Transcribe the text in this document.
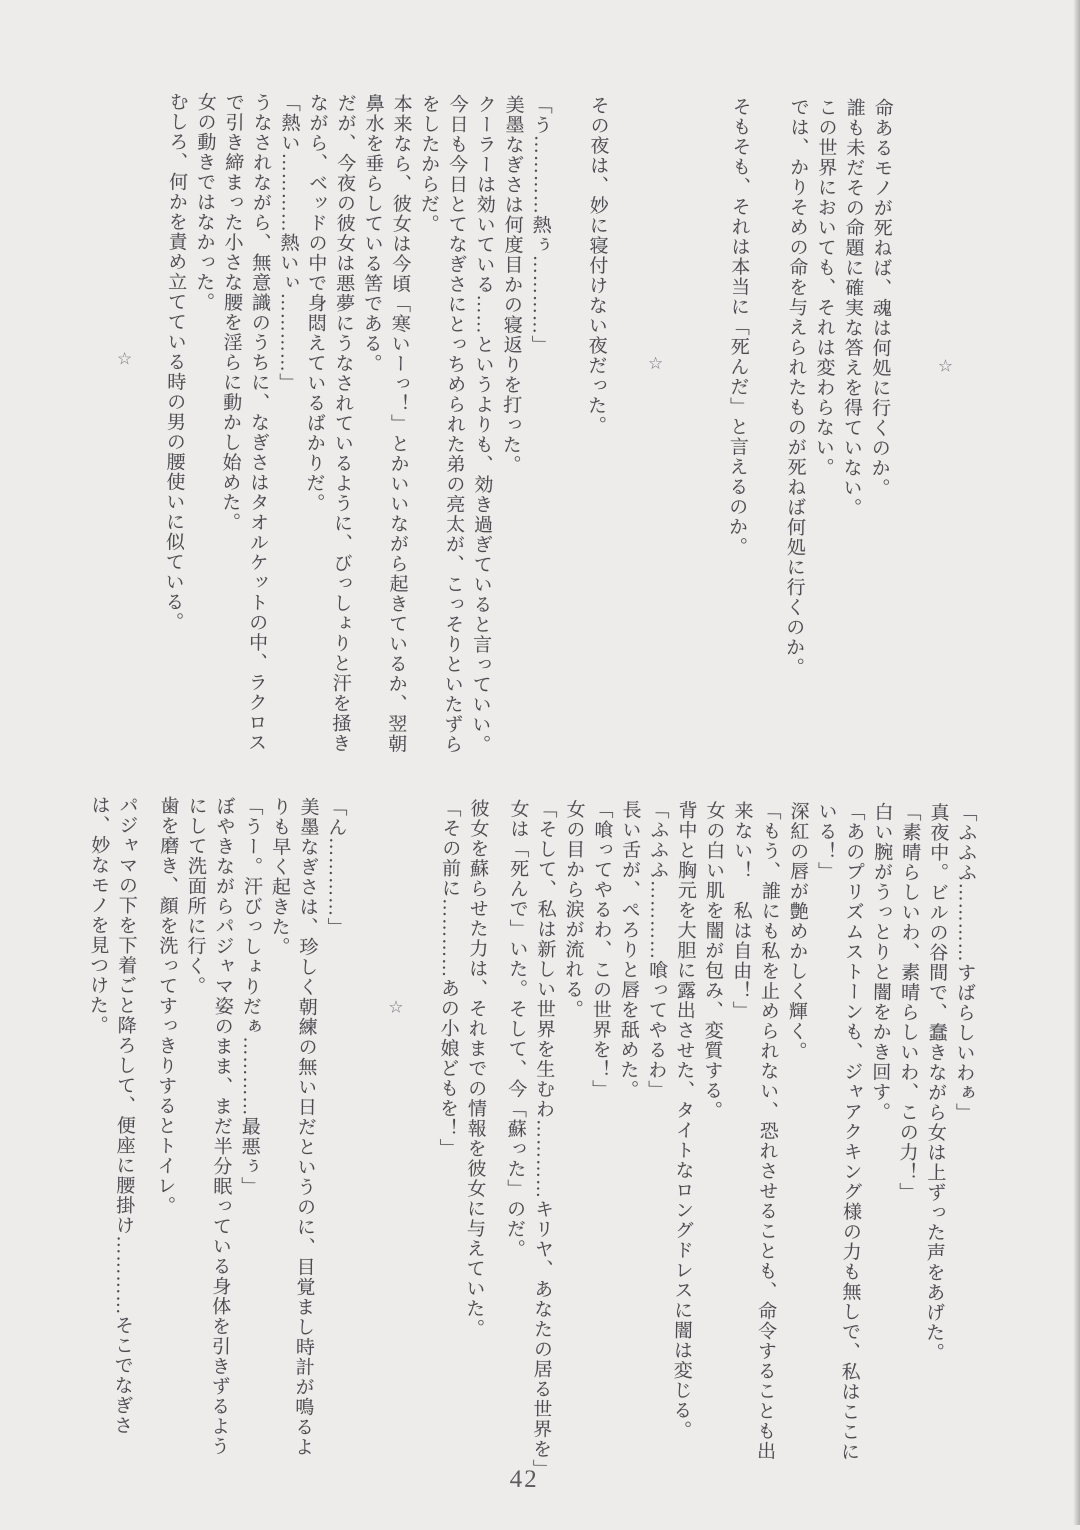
☆

命あるモノが死ねば、魂は何処に行くのか。

誰も未だその命題に確実な答えを得ていない。

この世界においても、それは変わらない。

では、かりそめの命を与えられたものが死ねば何処に行くのか。

そもそも、それは本当に「死んだ」と言えるのか。

☆

その夜は、妙に寝付けない夜だった。

「う…………熱ぅ…………」

美墨なぎさは何度目かの寝返りを打った。

クーラーは効いている……というよりも、効き過ぎていると言っていい。

今日も今日とてなぎさにとっちめられた弟の亮太が、こっそりといたずらをしたからだ。

本来なら、彼女は今頃「寒いーっ！」とかいいながら起きているか、翌朝鼻水を垂らしている筈である。

だが、今夜の彼女は悪夢にうなされているように、びっしょりと汗を掻きながら、ベッドの中で身悶えているばかりだ。

「熱い…………熱いぃ…………」

うなされながら、無意識のうちに、なぎさはタオルケットの中、ラクロスで引き締まった小さな腰を淫らに動かし始めた。

女の動きではなかった。

むしろ、何かを責め立てている時の男の腰使いに似ている。

☆

「ふふふ…………すばらしいわぁ」

真夜中。ビルの谷間で、蠢きながら女は上ずった声をあげた。

「素晴らしいわ、素晴らしいわ、この力！」

白い腕がうっとりと闇をかき回す。

「あのプリズムストーンも、ジャアクキング様の力も無しで、私はここにいる！」

深紅の唇が艶めかしく輝く。

「もう、誰にも私を止められない、恐れさせることも、命令することも出来ない！　私は自由！」

女の白い肌を闇が包み、変質する。

背中と胸元を大胆に露出させた、タイトなロングドレスに闇は変じる。

「ふふふ…………喰ってやるわ」

長い舌が、ぺろりと唇を舐めた。

「喰ってやるわ、この世界を！」

女の目から涙が流れる。

「そして、私は新しい世界を生むわ…………キリヤ、あなたの居る世界を」

女は「死んで」いた。そして、今「蘇った」のだ。

彼女を蘇らせた力は、それまでの情報を彼女に与えていた。

「その前に…………あの小娘どもを！」

☆

「ん…………」

美墨なぎさは、珍しく朝練の無い日だというのに、目覚まし時計が鳴るよりも早く起きた。

「うー。汗びっしょりだぁ…………最悪ぅ」

ぼやきながらパジャマ姿のまま、まだ半分眠っている身体を引きずるようにして洗面所に行く。

歯を磨き、顔を洗ってすっきりするとトイレ。

パジャマの下を下着ごと降ろして、便座に腰掛け…………そこでなぎさは、妙なモノを見つけた。

42
